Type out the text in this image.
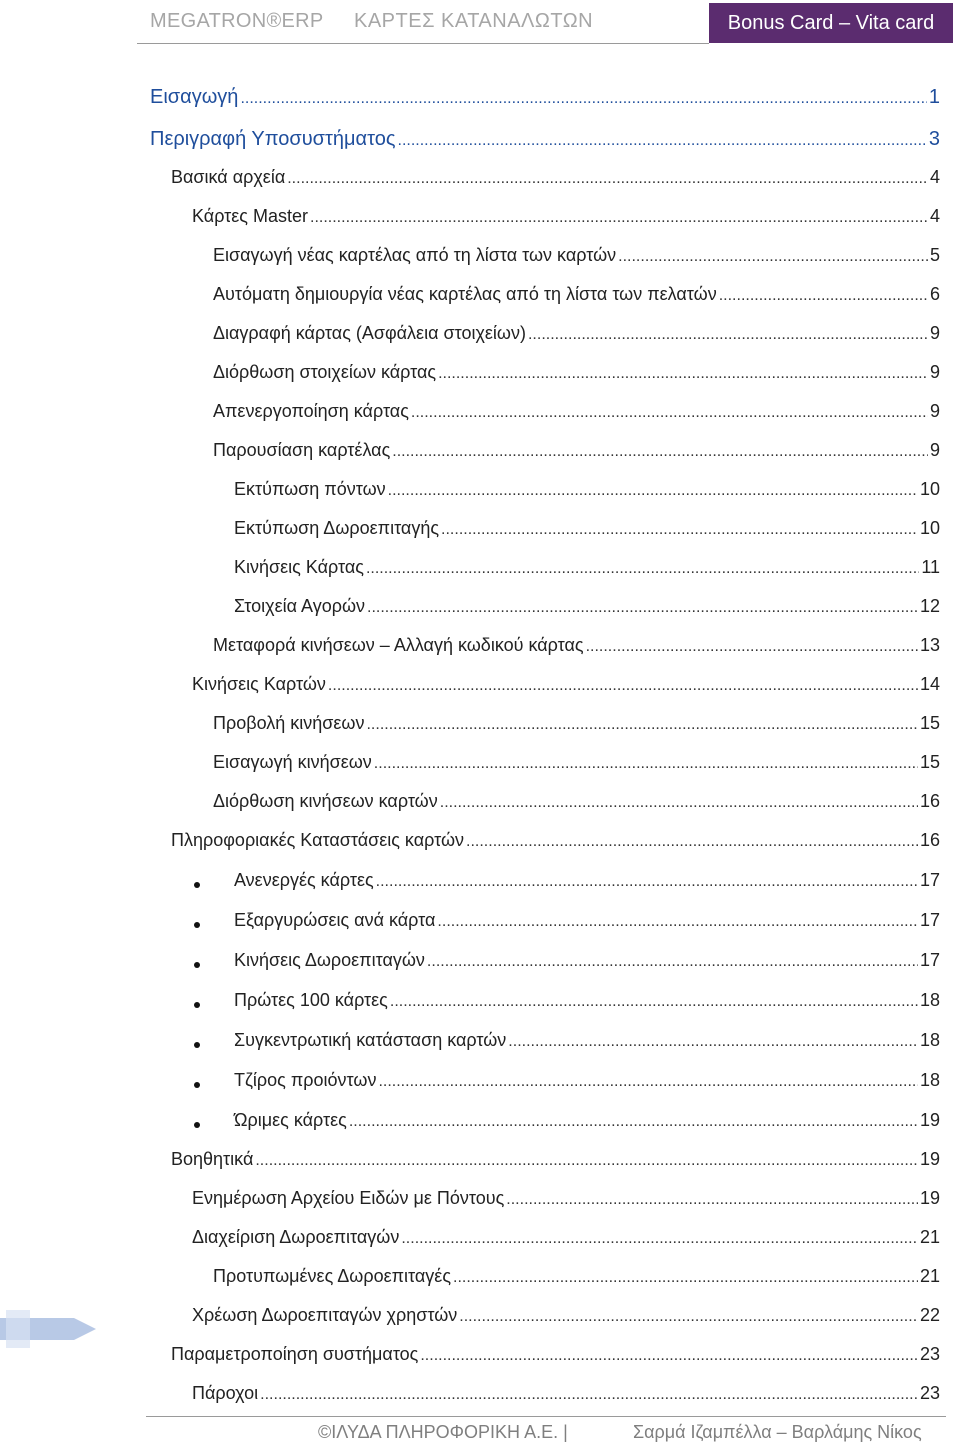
MEGATRON®ERP ΚΑΡΤΕΣ ΚΑΤΑΝΑΛΩΤΩΝ	Bonus Card – Vita card
Εισαγωγή .....	1
Περιγραφή Υποσυστήματος .....	3
Βασικά αρχεία .....	4
Κάρτες Master .....	4
Εισαγωγή νέας καρτέλας από τη λίστα των καρτών .....	5
Αυτόματη δημιουργία νέας καρτέλας από τη λίστα των πελατών .....	6
Διαγραφή κάρτας (Ασφάλεια στοιχείων) .....	9
Διόρθωση στοιχείων κάρτας .....	9
Απενεργοποίηση κάρτας .....	9
Παρουσίαση καρτέλας .....	9
Εκτύπωση πόντων .....	10
Εκτύπωση Δωροεπιταγής .....	10
Κινήσεις Κάρτας .....	11
Στοιχεία Αγορών .....	12
Μεταφορά κινήσεων – Αλλαγή κωδικού κάρτας .....	13
Κινήσεις Καρτών .....	14
Προβολή κινήσεων .....	15
Εισαγωγή κινήσεων .....	15
Διόρθωση κινήσεων καρτών .....	16
Πληροφοριακές Καταστάσεις καρτών .....	16
Ανενεργές κάρτες .....	17
Εξαργυρώσεις ανά κάρτα .....	17
Κινήσεις Δωροεπιταγών .....	17
Πρώτες 100 κάρτες .....	18
Συγκεντρωτική κατάσταση καρτών .....	18
Τζίρος προιόντων .....	18
Ώριμες κάρτες .....	19
Βοηθητικά .....	19
Ενημέρωση Αρχείου Ειδών με Πόντους .....	19
Διαχείριση Δωροεπιταγών .....	21
Προτυπωμένες Δωροεπιταγές .....	21
Χρέωση Δωροεπιταγών χρηστών .....	22
Παραμετροποίηση συστήματος .....	23
Πάροχοι .....	23
©ΙΛΥΔΑ ΠΛΗΡΟΦΟΡΙΚΗ Α.Ε. |	Σαρμά Ιζαμπέλλα – Βαρλάμης Νίκος
